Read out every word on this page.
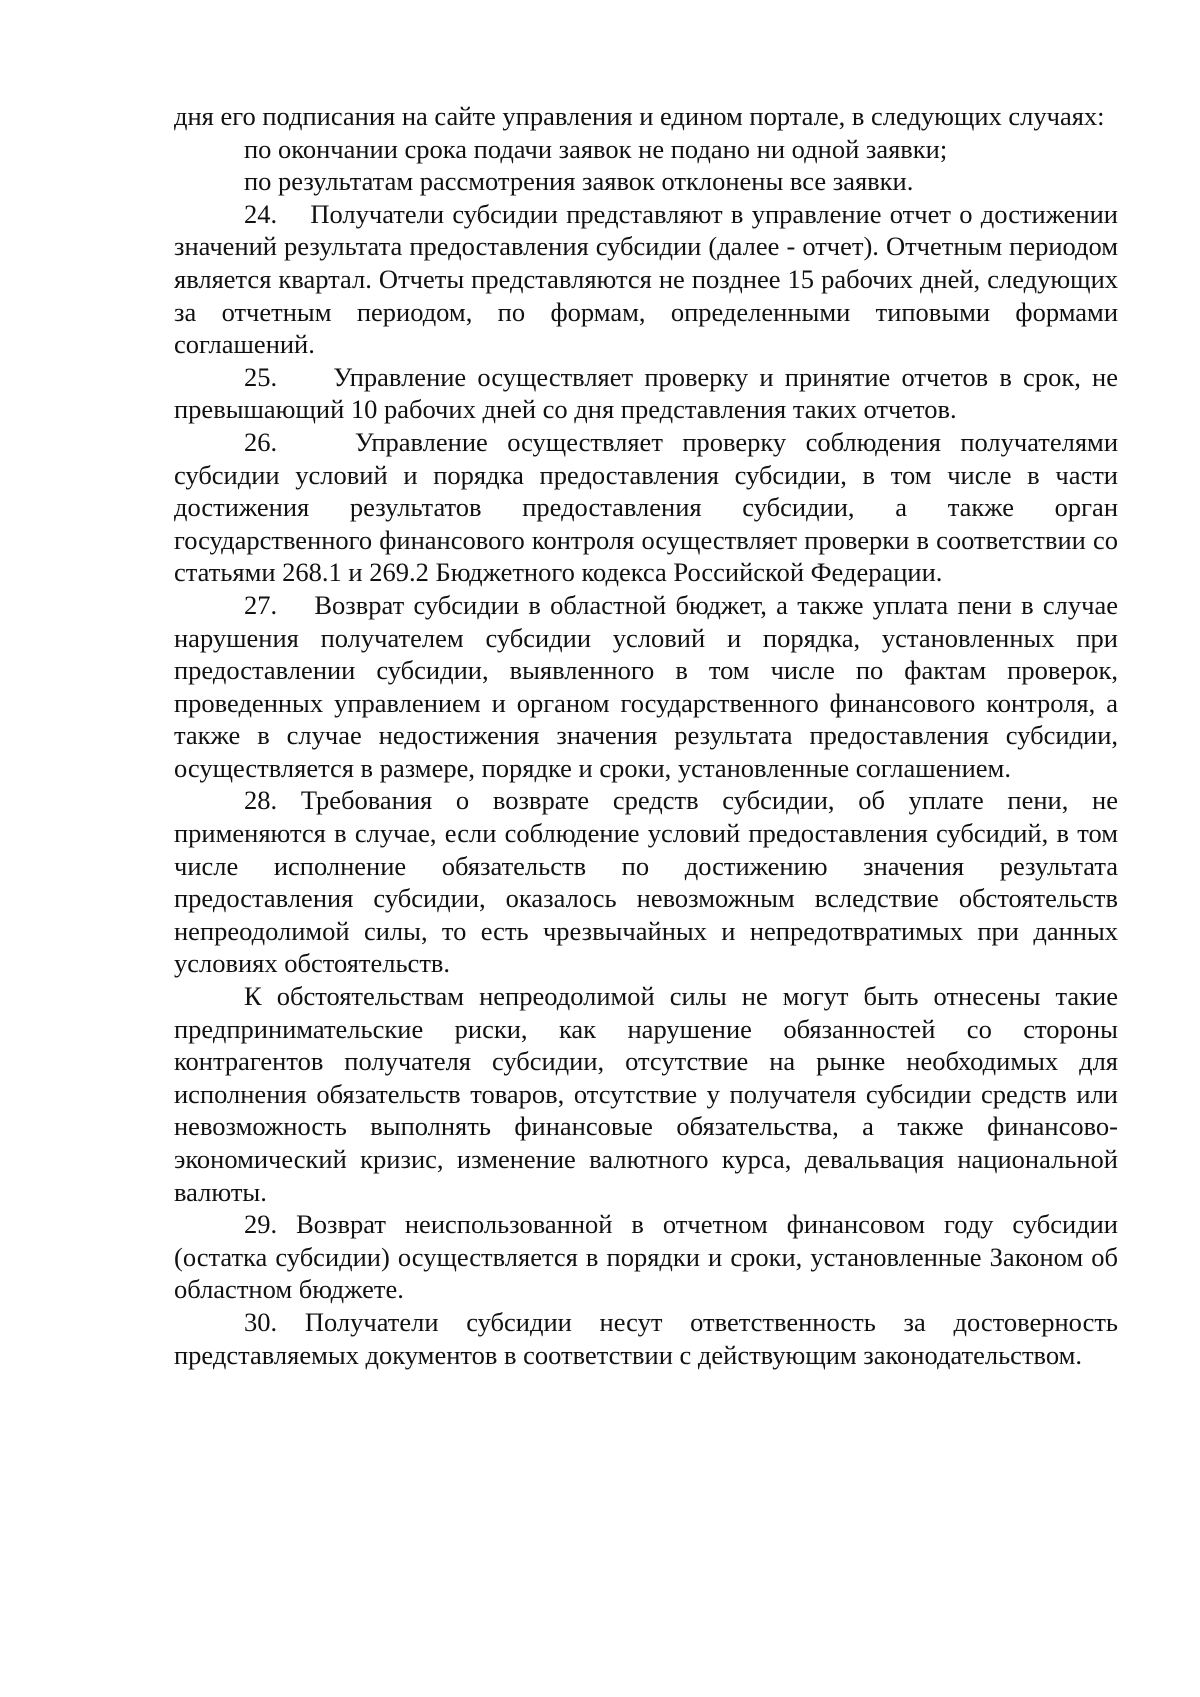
дня его подписания на сайте управления и едином портале, в следующих случаях:

по окончании срока подачи заявок не подано ни одной заявки;

по результатам рассмотрения заявок отклонены все заявки.

24. Получатели субсидии представляют в управление отчет о достижении значений результата предоставления субсидии (далее - отчет). Отчетным периодом является квартал. Отчеты представляются не позднее 15 рабочих дней, следующих за отчетным периодом, по формам, определенными типовыми формами соглашений.

25. Управление осуществляет проверку и принятие отчетов в срок, не превышающий 10 рабочих дней со дня представления таких отчетов.

26.	Управление осуществляет проверку соблюдения получателями субсидии условий и порядка предоставления субсидии, в том числе в части достижения результатов предоставления субсидии, а также орган государственного финансового контроля осуществляет проверки в соответствии со статьями 268.1 и 269.2 Бюджетного кодекса Российской Федерации.

27. Возврат субсидии в областной бюджет, а также уплата пени в случае нарушения получателем субсидии условий и порядка, установленных при предоставлении субсидии, выявленного в том числе по фактам проверок, проведенных управлением и органом государственного финансового контроля, а также в случае недостижения значения результата предоставления субсидии, осуществляется в размере, порядке и сроки, установленные соглашением.

28. Требования о возврате средств субсидии, об уплате пени, не применяются в случае, если соблюдение условий предоставления субсидий, в том числе исполнение обязательств по достижению значения результата предоставления субсидии, оказалось невозможным вследствие обстоятельств непреодолимой силы, то есть чрезвычайных и непредотвратимых при данных условиях обстоятельств.

К обстоятельствам непреодолимой силы не могут быть отнесены такие предпринимательские риски, как нарушение обязанностей со стороны контрагентов получателя субсидии, отсутствие на рынке необходимых для исполнения обязательств товаров, отсутствие у получателя субсидии средств или невозможность выполнять финансовые обязательства, а также финансово-экономический кризис, изменение валютного курса, девальвация национальной валюты.

29. Возврат неиспользованной в отчетном финансовом году субсидии (остатка субсидии) осуществляется в порядки и сроки, установленные Законом об областном бюджете.

30. Получатели субсидии несут ответственность за достоверность представляемых документов в соответствии с действующим законодательством.
